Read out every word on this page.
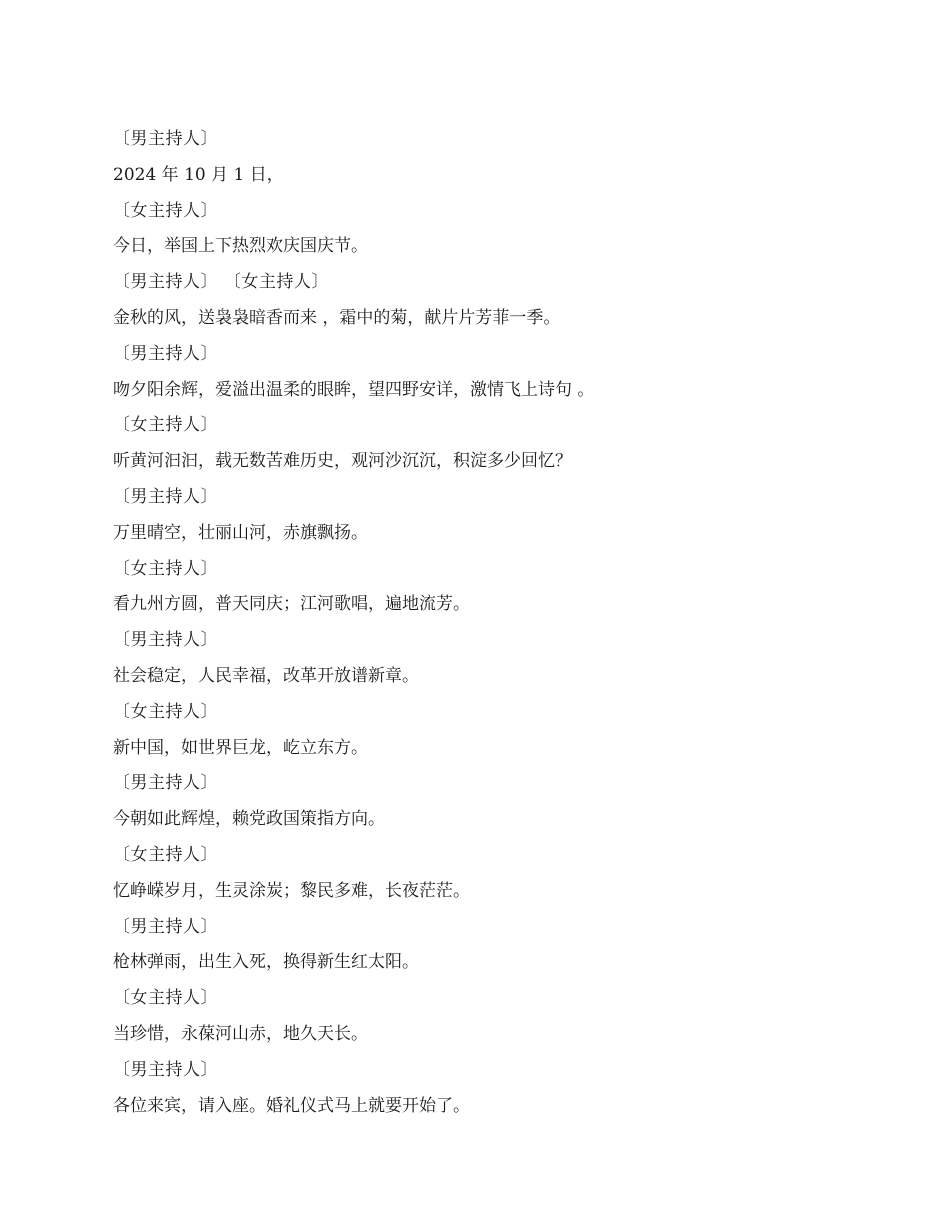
〔男主持人〕
2024 年 10 月 1 日，
〔女主持人〕
今日，举国上下热烈欢庆国庆节。
〔男主持人〕 〔女主持人〕
金秋的风，送袅袅暗香而来 ，霜中的菊，献片片芳菲一季。
〔男主持人〕
吻夕阳余辉，爱溢出温柔的眼眸，望四野安详，激情飞上诗句 。
〔女主持人〕
听黄河汩汩，载无数苦难历史，观河沙沉沉，积淀多少回忆？
〔男主持人〕
万里晴空，壮丽山河，赤旗飘扬。
〔女主持人〕
看九州方圆，普天同庆；江河歌唱，遍地流芳。
〔男主持人〕
社会稳定，人民幸福，改革开放谱新章。
〔女主持人〕
新中国，如世界巨龙，屹立东方。
〔男主持人〕
今朝如此辉煌，赖党政国策指方向。
〔女主持人〕
忆峥嵘岁月，生灵涂炭；黎民多难，长夜茫茫。
〔男主持人〕
枪林弹雨，出生入死，换得新生红太阳。
〔女主持人〕
当珍惜，永葆河山赤，地久天长。
〔男主持人〕
各位来宾，请入座。婚礼仪式马上就要开始了。
